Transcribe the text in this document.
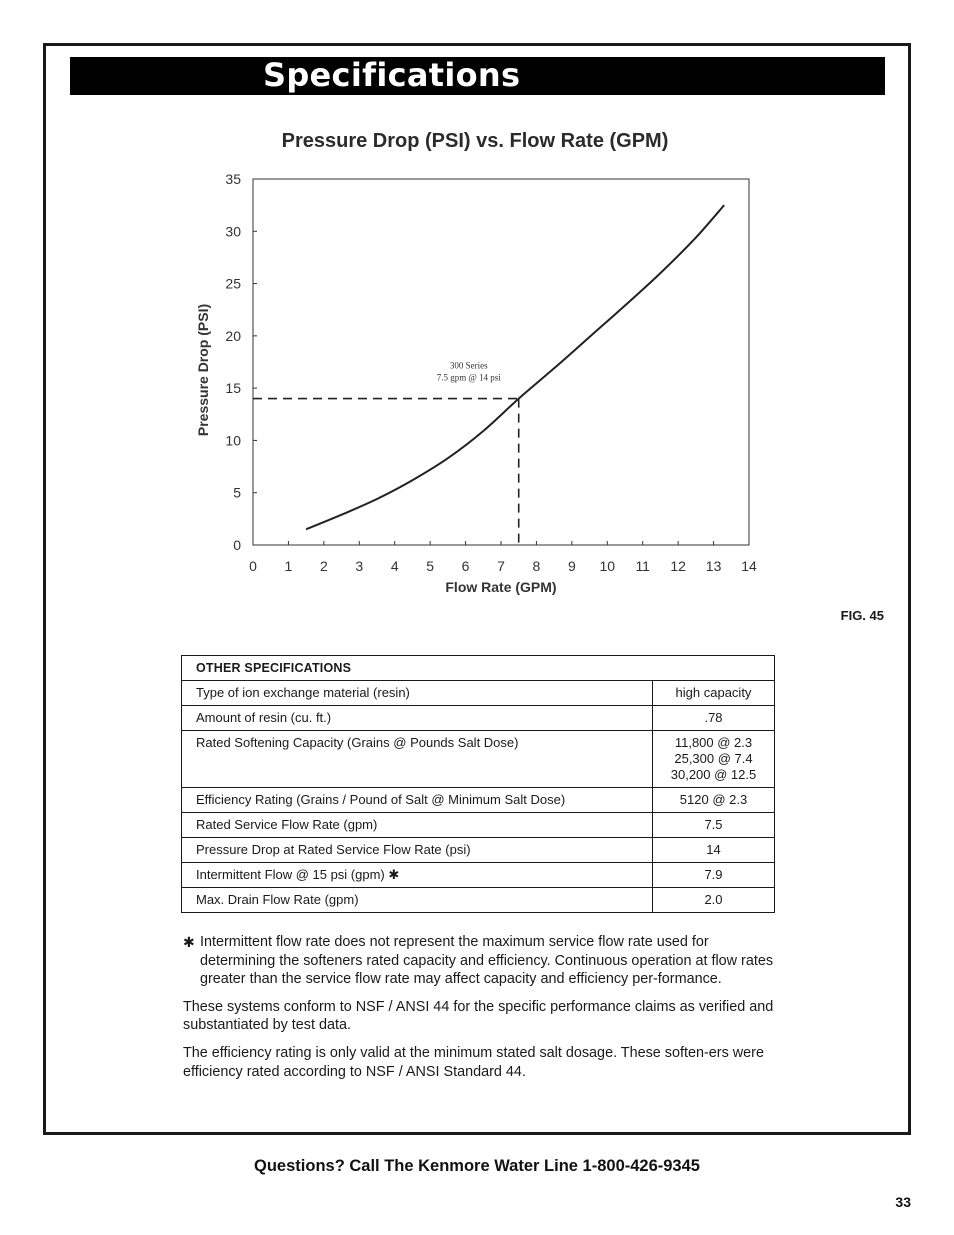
Specifications
Pressure Drop (PSI) vs. Flow Rate (GPM)
0
5
10
15
20
25
30
35
0 1 2 3 4 5 6 7 8 9 10 11 12 13 14
Flow Rate (GPM)
Pressure Drop (PSI)	300 Series
7.5 gpm @ 14 psi
FIG. 45
OTHER SPECIFICATIONS	
Type of ion exchange material (resin)	high capacity

Amount of resin (cu. ft.)	.78

Rated Softening Capacity (Grains @ Pounds Salt Dose)	11,800 @ 2.3
25,300 @ 7.4
30,200 @ 12.5

Efficiency Rating (Grains / Pound of Salt @ Minimum Salt Dose)	5120 @ 2.3

Rated Service Flow Rate (gpm)	7.5

Pressure Drop at Rated Service Flow Rate (psi)	14

Intermittent Flow @ 15 psi (gpm) ✱	7.9

Max. Drain Flow Rate (gpm)	2.0
✱ Intermittent flow rate does not represent the maximum service flow rate used for determining the softeners rated capacity and efficiency. Continuous operation at flow rates greater than the service flow rate may affect capacity and efficiency per-formance.

These systems conform to NSF / ANSI 44 for the specific performance claims as verified and substantiated by test data.

The efficiency rating is only valid at the minimum stated salt dosage. These soften-ers were efficiency rated according to NSF / ANSI Standard 44.

Questions? Call The Kenmore Water Line 1-800-426-9345
33
